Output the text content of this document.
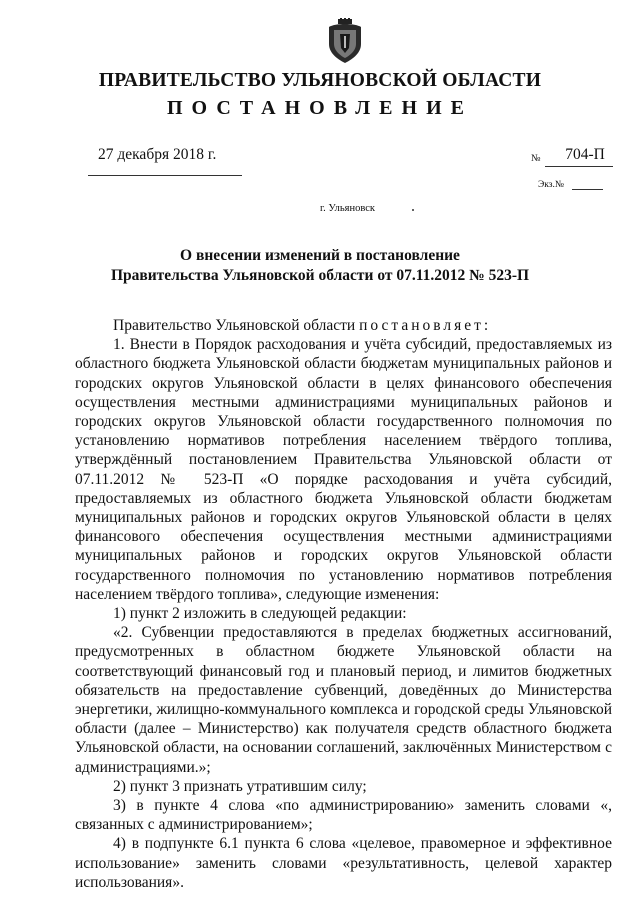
ПРАВИТЕЛЬСТВО УЛЬЯНОВСКОЙ ОБЛАСТИ
ПОСТАНОВЛЕНИЕ
27 декабря 2018 г.	№	704-П
Экз.№
г. Ульяновск
О внесении изменений в постановление
Правительства Ульяновской области от 07.11.2012 № 523-П

Правительство Ульяновской области постановляет:

1. Внести в Порядок расходования и учёта субсидий, предоставляемых из областного бюджета Ульяновской области бюджетам муниципальных районов и городских округов Ульяновской области в целях финансового обеспечения осуществления местными администрациями муниципальных районов и городских округов Ульяновской области государственного полномочия по установлению нормативов потребления населением твёрдого топлива, утверждённый постановлением Правительства Ульяновской области от 07.11.2012 № 523-П «О порядке расходования и учёта субсидий, предоставляемых из областного бюджета Ульяновской области бюджетам муниципальных районов и городских округов Ульяновской области в целях финансового обеспечения осуществления местными администрациями муниципальных районов и городских округов Ульяновской области государственного полномочия по установлению нормативов потребления населением твёрдого топлива», следующие изменения:

1) пункт 2 изложить в следующей редакции:

«2. Субвенции предоставляются в пределах бюджетных ассигнований, предусмотренных в областном бюджете Ульяновской области на соответствующий финансовый год и плановый период, и лимитов бюджетных обязательств на предоставление субвенций, доведённых до Министерства энергетики, жилищно-коммунального комплекса и городской среды Ульяновской области (далее – Министерство) как получателя средств областного бюджета Ульяновской области, на основании соглашений, заключённых Министерством с администрациями.»;

2) пункт 3 признать утратившим силу;

3) в пункте 4 слова «по администрированию» заменить словами «, связанных с администрированием»;

4) в подпункте 6.1 пункта 6 слова «целевое, правомерное и эффективное использование» заменить словами «результативность, целевой характер использования».
